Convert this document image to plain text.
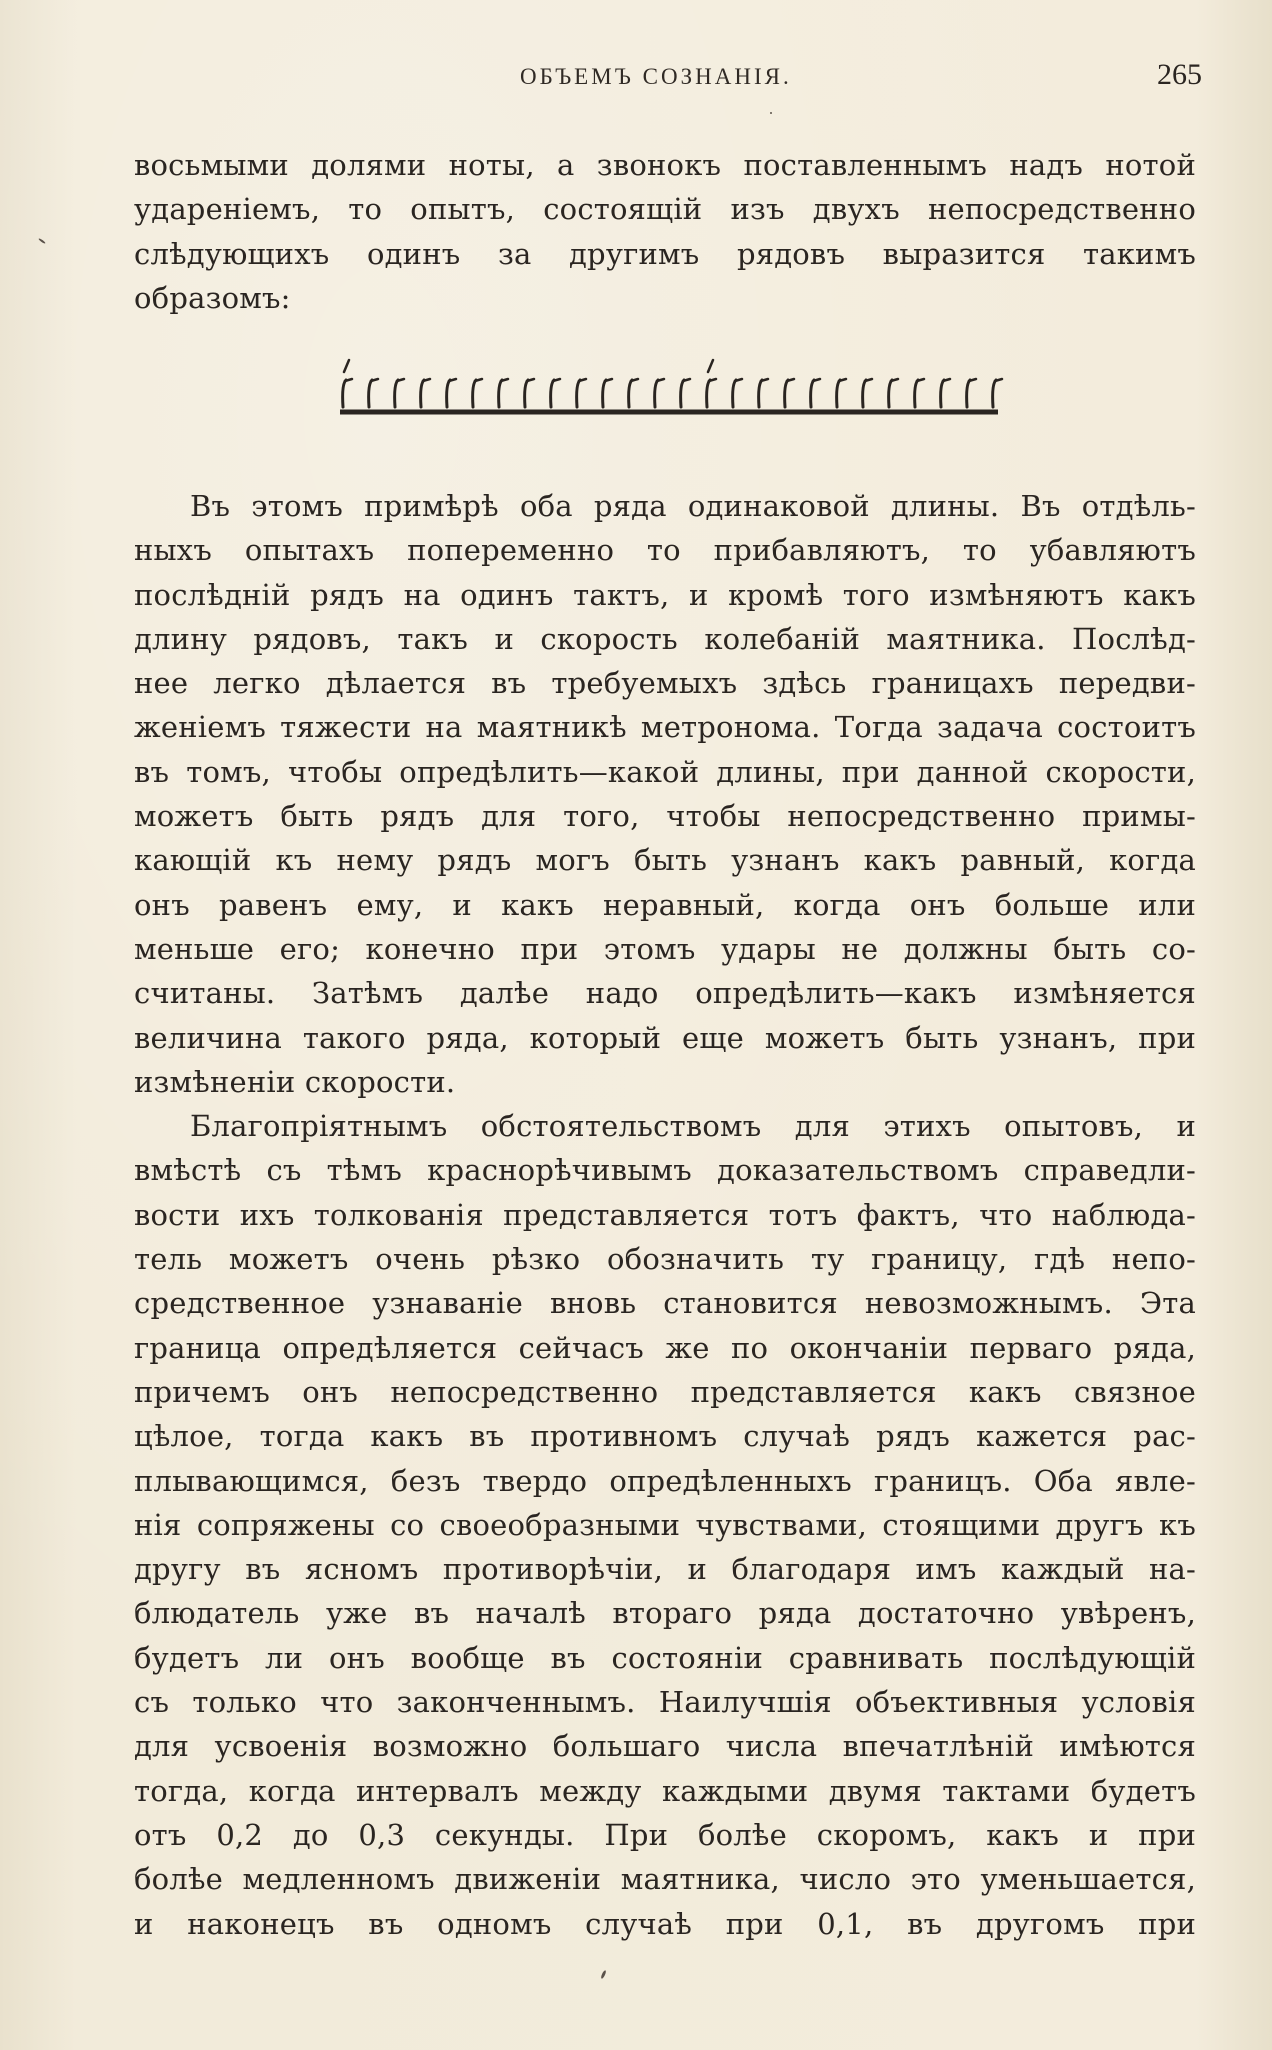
ОБЪЕМЪ СОЗНАНІЯ.	265
восьмыми долями ноты, а звонокъ поставленнымъ надъ нотой
удареніемъ, то опытъ, состоящій изъ двухъ непосредственно
слѣдующихъ одинъ за другимъ рядовъ выразится такимъ
образомъ:
Въ этомъ примѣрѣ оба ряда одинаковой длины. Въ отдѣль-
ныхъ опытахъ попеременно то прибавляютъ, то убавляютъ
послѣдній рядъ на одинъ тактъ, и кромѣ того измѣняютъ какъ
длину рядовъ, такъ и скорость колебаній маятника. Послѣд-
нее легко дѣлается въ требуемыхъ здѣсь границахъ передви-
женіемъ тяжести на маятникѣ метронома. Тогда задача состоитъ
въ томъ, чтобы опредѣлить—какой длины, при данной скорости,
можетъ быть рядъ для того, чтобы непосредственно примы-
кающій къ нему рядъ могъ быть узнанъ какъ равный, когда
онъ равенъ ему, и какъ неравный, когда онъ больше или
меньше его; конечно при этомъ удары не должны быть со-
считаны. Затѣмъ далѣе надо опредѣлить—какъ измѣняется
величина такого ряда, который еще можетъ быть узнанъ, при
измѣненіи скорости.
Благопріятнымъ обстоятельствомъ для этихъ опытовъ, и
вмѣстѣ съ тѣмъ краснорѣчивымъ доказательствомъ справедли-
вости ихъ толкованія представляется тотъ фактъ, что наблюда-
тель можетъ очень рѣзко обозначить ту границу, гдѣ непо-
средственное узнаваніе вновь становится невозможнымъ. Эта
граница опредѣляется сейчасъ же по окончаніи перваго ряда,
причемъ онъ непосредственно представляется какъ связное
цѣлое, тогда какъ въ противномъ случаѣ рядъ кажется рас-
плывающимся, безъ твердо опредѣленныхъ границъ. Оба явле-
нія сопряжены со своеобразными чувствами, стоящими другъ къ
другу въ ясномъ противорѣчіи, и благодаря имъ каждый на-
блюдатель уже въ началѣ втораго ряда достаточно увѣренъ,
будетъ ли онъ вообще въ состояніи сравнивать послѣдующій
съ только что законченнымъ. Наилучшія объективныя условія
для усвоенія возможно большаго числа впечатлѣній имѣются
тогда, когда интервалъ между каждыми двумя тактами будетъ
отъ 0,2 до 0,3 секунды. При болѣе скоромъ, какъ и при
болѣе медленномъ движеніи маятника, число это уменьшается,
и наконецъ въ одномъ случаѣ при 0,1, въ другомъ при
